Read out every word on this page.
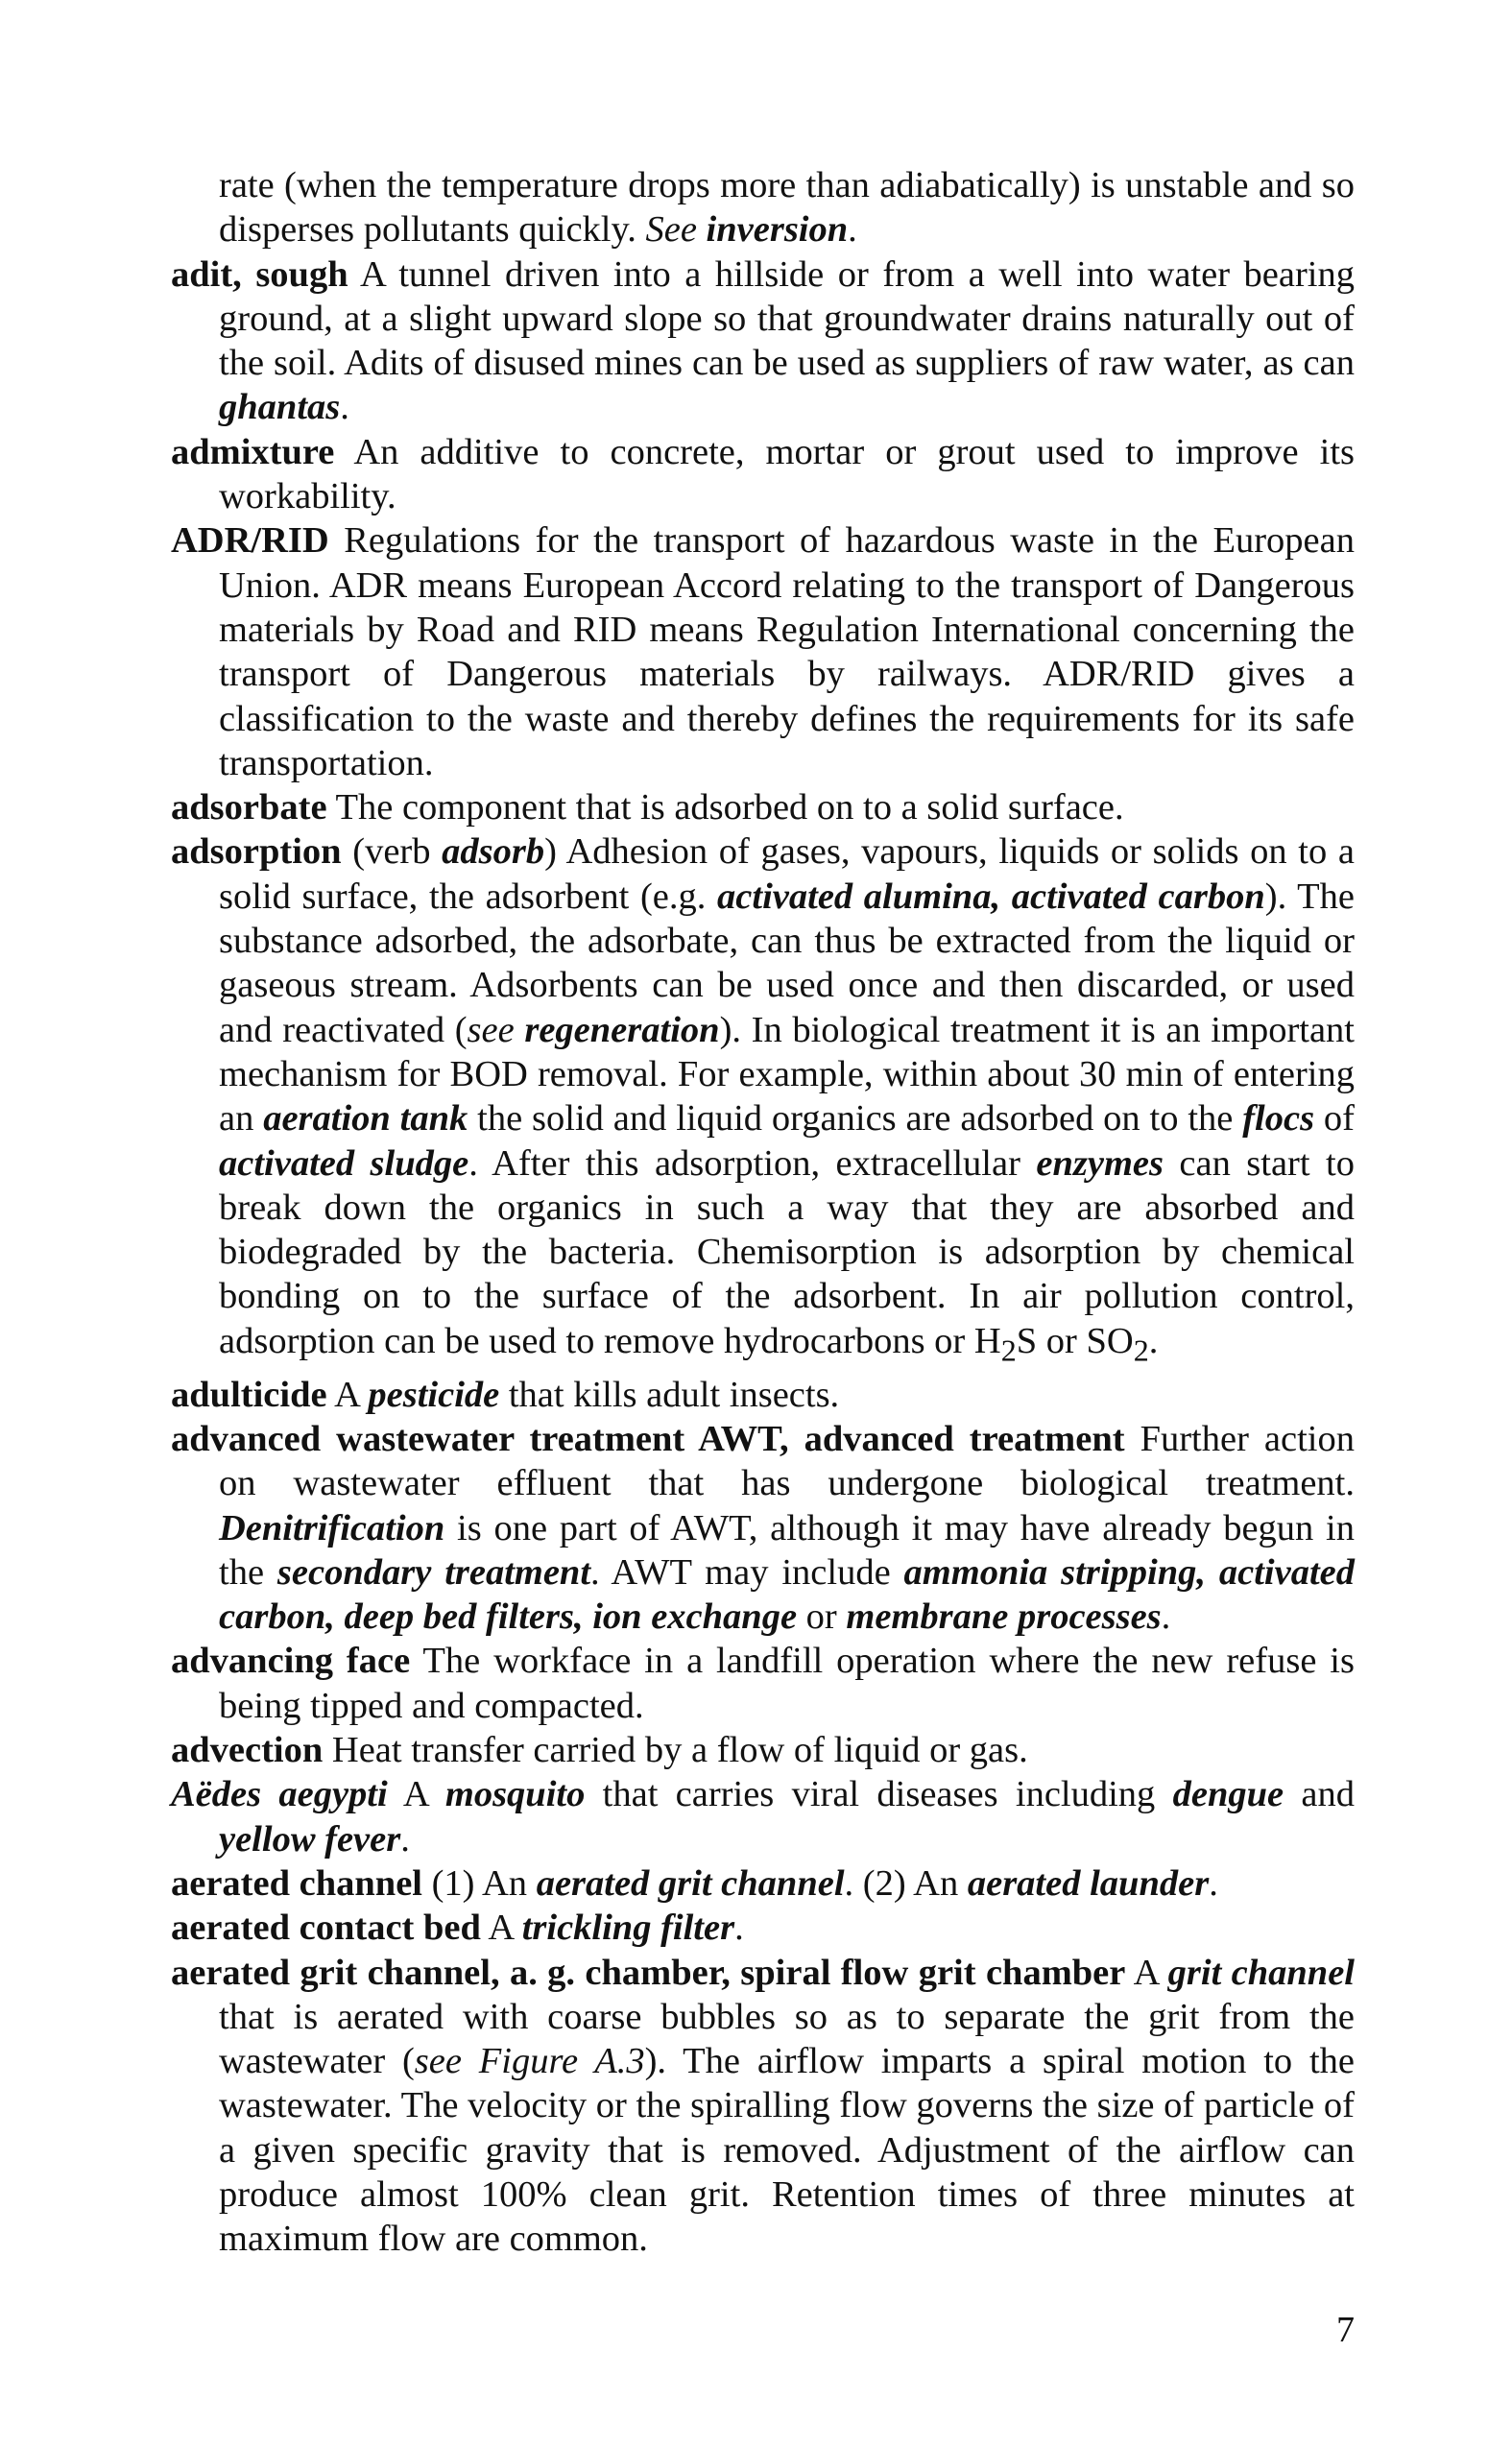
rate (when the temperature drops more than adiabatically) is unstable and so disperses pollutants quickly. See inversion.

adit, sough A tunnel driven into a hillside or from a well into water bearing ground, at a slight upward slope so that groundwater drains naturally out of the soil. Adits of disused mines can be used as suppliers of raw water, as can ghantas.

admixture An additive to concrete, mortar or grout used to improve its workability.

ADR/RID Regulations for the transport of hazardous waste in the European Union. ADR means European Accord relating to the transport of Dangerous materials by Road and RID means Regulation International concerning the transport of Dangerous materials by railways. ADR/RID gives a classification to the waste and thereby defines the requirements for its safe transportation.

adsorbate The component that is adsorbed on to a solid surface.

adsorption (verb adsorb) Adhesion of gases, vapours, liquids or solids on to a solid surface, the adsorbent (e.g. activated alumina, activated carbon). The substance adsorbed, the adsorbate, can thus be extracted from the liquid or gaseous stream. Adsorbents can be used once and then discarded, or used and reactivated (see regeneration). In biological treatment it is an important mechanism for BOD removal. For example, within about 30 min of entering an aeration tank the solid and liquid organics are adsorbed on to the flocs of activated sludge. After this adsorption, extracellular enzymes can start to break down the organics in such a way that they are absorbed and biodegraded by the bacteria. Chemisorption is adsorption by chemical bonding on to the surface of the adsorbent. In air pollution control, adsorption can be used to remove hydrocarbons or $H_2S$ or $SO_2$.

adulticide A pesticide that kills adult insects.

advanced wastewater treatment AWT, advanced treatment Further action on wastewater effluent that has undergone biological treatment. Denitrification is one part of AWT, although it may have already begun in the secondary treatment. AWT may include ammonia stripping, activated carbon, deep bed filters, ion exchange or membrane processes.

advancing face The workface in a landfill operation where the new refuse is being tipped and compacted.

advection Heat transfer carried by a flow of liquid or gas.

Aëdes aegypti A mosquito that carries viral diseases including dengue and yellow fever.

aerated channel (1) An aerated grit channel. (2) An aerated launder.

aerated contact bed A trickling filter.

aerated grit channel, a. g. chamber, spiral flow grit chamber A grit channel that is aerated with coarse bubbles so as to separate the grit from the wastewater (see Figure A.3). The airflow imparts a spiral motion to the wastewater. The velocity or the spiralling flow governs the size of particle of a given specific gravity that is removed. Adjustment of the airflow can produce almost 100% clean grit. Retention times of three minutes at maximum flow are common.

7
